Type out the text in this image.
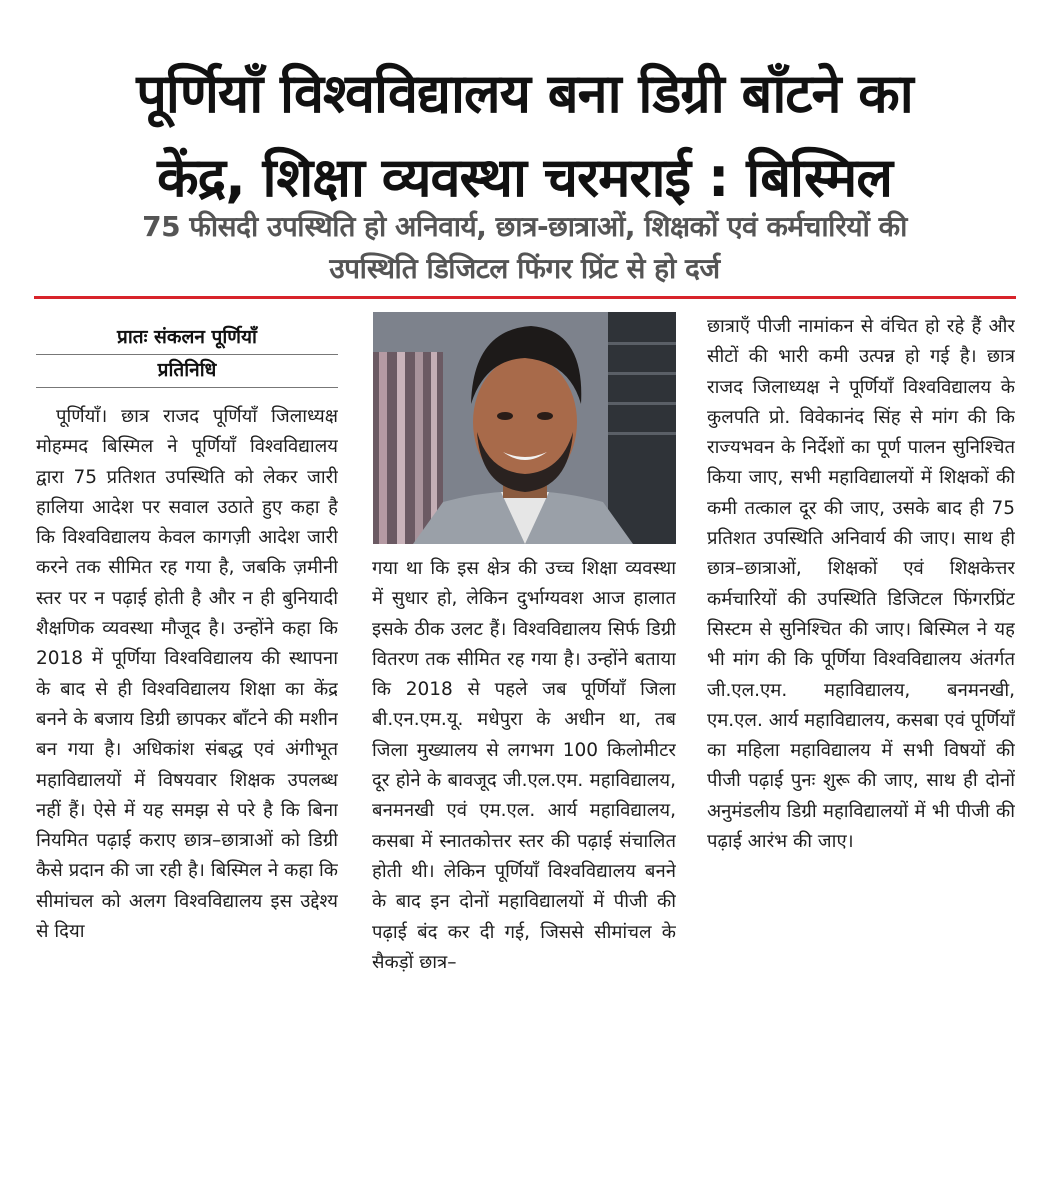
पूर्णियाँ विश्वविद्यालय बना डिग्री बाँटने का
केंद्र, शिक्षा व्यवस्था चरमराई : बिस्मिल
75 फीसदी उपस्थिति हो अनिवार्य, छात्र-छात्राओं, शिक्षकों एवं कर्मचारियों की
उपस्थिति डिजिटल फिंगर प्रिंट से हो दर्ज
प्रातः संकलन पूर्णियाँ
प्रतिनिधि
पूर्णियाँ। छात्र राजद पूर्णियाँ जिलाध्यक्ष मोहम्मद बिस्मिल ने पूर्णियाँ विश्वविद्यालय द्वारा 75 प्रतिशत उपस्थिति को लेकर जारी हालिया आदेश पर सवाल उठाते हुए कहा है कि विश्वविद्यालय केवल कागज़ी आदेश जारी करने तक सीमित रह गया है, जबकि ज़मीनी स्तर पर न पढ़ाई होती है और न ही बुनियादी शैक्षणिक व्यवस्था मौजूद है। उन्होंने कहा कि 2018 में पूर्णिया विश्वविद्यालय की स्थापना के बाद से ही विश्वविद्यालय शिक्षा का केंद्र बनने के बजाय डिग्री छापकर बाँटने की मशीन बन गया है। अधिकांश संबद्ध एवं अंगीभूत महाविद्यालयों में विषयवार शिक्षक उपलब्ध नहीं हैं। ऐसे में यह समझ से परे है कि बिना नियमित पढ़ाई कराए छात्र–छात्राओं को डिग्री कैसे प्रदान की जा रही है। बिस्मिल ने कहा कि सीमांचल को अलग विश्वविद्यालय इस उद्देश्य से दिया
गया था कि इस क्षेत्र की उच्च शिक्षा व्यवस्था में सुधार हो, लेकिन दुर्भाग्यवश आज हालात इसके ठीक उलट हैं। विश्वविद्यालय सिर्फ डिग्री वितरण तक सीमित रह गया है। उन्होंने बताया कि 2018 से पहले जब पूर्णियाँ जिला बी.एन.एम.यू. मधेपुरा के अधीन था, तब जिला मुख्यालय से लगभग 100 किलोमीटर दूर होने के बावजूद जी.एल.एम. महाविद्यालय, बनमनखी एवं एम.एल. आर्य महाविद्यालय, कसबा में स्नातकोत्तर स्तर की पढ़ाई संचालित होती थी। लेकिन पूर्णियाँ विश्वविद्यालय बनने के बाद इन दोनों महाविद्यालयों में पीजी की पढ़ाई बंद कर दी गई, जिससे सीमांचल के सैकड़ों छात्र–
छात्राएँ पीजी नामांकन से वंचित हो रहे हैं और सीटों की भारी कमी उत्पन्न हो गई है। छात्र राजद जिलाध्यक्ष ने पूर्णियाँ विश्वविद्यालय के कुलपति प्रो. विवेकानंद सिंह से मांग की कि राज्यभवन के निर्देशों का पूर्ण पालन सुनिश्चित किया जाए, सभी महाविद्यालयों में शिक्षकों की कमी तत्काल दूर की जाए, उसके बाद ही 75 प्रतिशत उपस्थिति अनिवार्य की जाए। साथ ही छात्र–छात्राओं, शिक्षकों एवं शिक्षकेत्तर कर्मचारियों की उपस्थिति डिजिटल फिंगरप्रिंट सिस्टम से सुनिश्चित की जाए। बिस्मिल ने यह भी मांग की कि पूर्णिया विश्वविद्यालय अंतर्गत जी.एल.एम. महाविद्यालय, बनमनखी, एम.एल. आर्य महाविद्यालय, कसबा एवं पूर्णियाँ का महिला महाविद्यालय में सभी विषयों की पीजी पढ़ाई पुनः शुरू की जाए, साथ ही दोनों अनुमंडलीय डिग्री महाविद्यालयों में भी पीजी की पढ़ाई आरंभ की जाए।
